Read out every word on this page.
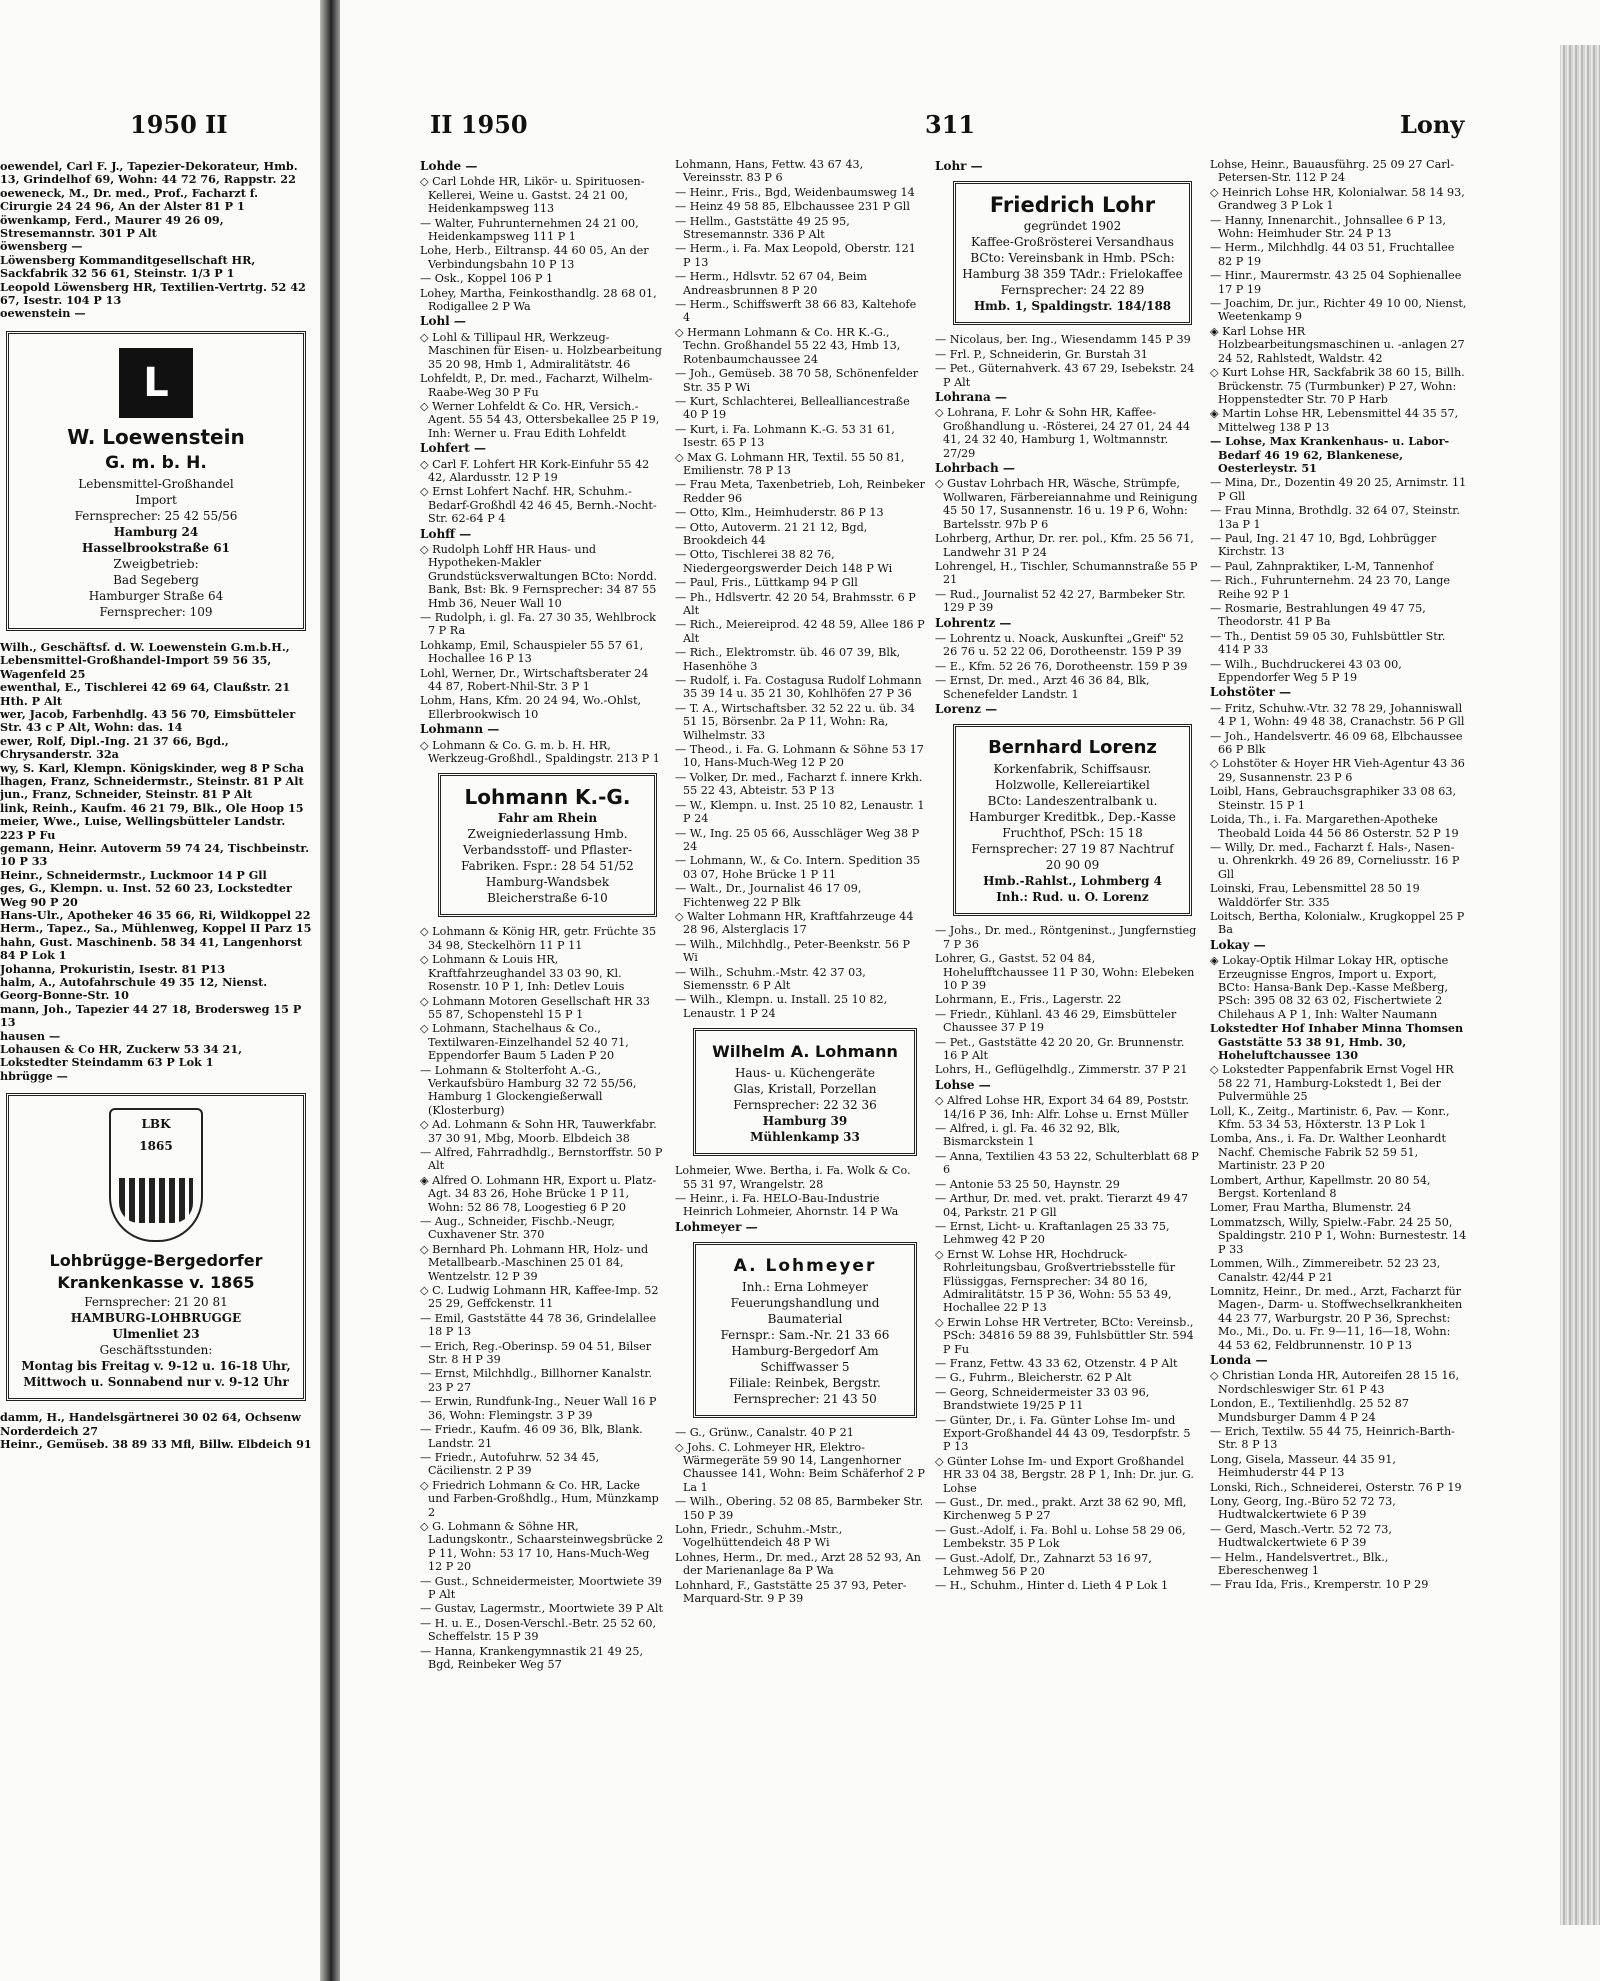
1950 II
oewendel, Carl F. J., Tapezier-Dekorateur, Hmb. 13, Grindelhof 69, Wohn: 44 72 76, Rappstr. 22
oeweneck, M., Dr. med., Prof., Facharzt f. Cirurgie 24 24 96, An der Alster 81 P 1
öwenkamp, Ferd., Maurer 49 26 09, Stresemannstr. 301 P Alt
öwensberg —
Löwensberg Kommanditgesellschaft HR, Sackfabrik 32 56 61, Steinstr. 1/3 P 1
Leopold Löwensberg HR, Textilien-Vertrtg. 52 42 67, Isestr. 104 P 13
oewenstein —
L
W. Loewenstein
G. m. b. H.
Lebensmittel-Großhandel
Import
Fernsprecher: 25 42 55/56
Hamburg 24
Hasselbrookstraße 61
Zweigbetrieb:
Bad Segeberg
Hamburger Straße 64
Fernsprecher: 109
Wilh., Geschäftsf. d. W. Loewenstein G.m.b.H., Lebensmittel-Großhandel-Import 59 56 35, Wagenfeld 25
ewenthal, E., Tischlerei 42 69 64, Claußstr. 21 Hth. P Alt
wer, Jacob, Farbenhdlg. 43 56 70, Eimsbütteler Str. 43 c P Alt, Wohn: das. 14
ewer, Rolf, Dipl.-Ing. 21 37 66, Bgd., Chrysanderstr. 32a
wy, S. Karl, Klempn. Königskinder, weg 8 P Scha
lhagen, Franz, Schneidermstr., Steinstr. 81 P Alt
jun., Franz, Schneider, Steinstr. 81 P Alt
link, Reinh., Kaufm. 46 21 79, Blk., Ole Hoop 15
meier, Wwe., Luise, Wellingsbütteler Landstr. 223 P Fu
gemann, Heinr. Autoverm 59 74 24, Tischbeinstr. 10 P 33
Heinr., Schneidermstr., Luckmoor 14 P Gll
ges, G., Klempn. u. Inst. 52 60 23, Lockstedter Weg 90 P 20
Hans-Ulr., Apotheker 46 35 66, Ri, Wildkoppel 22
Herm., Tapez., Sa., Mühlenweg, Koppel II Parz 15
hahn, Gust. Maschinenb. 58 34 41, Langenhorst 84 P Lok 1
Johanna, Prokuristin, Isestr. 81 P13
halm, A., Autofahrschule 49 35 12, Nienst. Georg-Bonne-Str. 10
mann, Joh., Tapezier 44 27 18, Brodersweg 15 P 13
hausen —
Lohausen & Co HR, Zuckerw 53 34 21, Lokstedter Steindamm 63 P Lok 1
hbrügge —
LBK
1865
Lohbrügge-Bergedorfer
Krankenkasse v. 1865
Fernsprecher: 21 20 81
HAMBURG-LOHBRUGGE
Ulmenliet 23
Geschäftsstunden:
Montag bis Freitag v. 9-12 u. 16-18 Uhr, Mittwoch u. Sonnabend nur v. 9-12 Uhr
damm, H., Handelsgärtnerei 30 02 64, Ochsenw Norderdeich 27
Heinr., Gemüseb. 38 89 33 Mfl, Billw. Elbdeich 91
II 1950	311	Lony
Lohde —
◇ Carl Lohde HR, Likör- u. Spirituosen-Kellerei, Weine u. Gastst. 24 21 00, Heidenkampsweg 113
— Walter, Fuhrunternehmen 24 21 00, Heidenkampsweg 111 P 1
Lohe, Herb., Eiltransp. 44 60 05, An der Verbindungsbahn 10 P 13
— Osk., Koppel 106 P 1
Lohey, Martha, Feinkosthandlg. 28 68 01, Rodigallee 2 P Wa
Lohl —
◇ Lohl & Tillipaul HR, Werkzeug-Maschinen für Eisen- u. Holzbearbeitung 35 20 98, Hmb 1, Admiralitätstr. 46
Lohfeldt, P., Dr. med., Facharzt, Wilhelm-Raabe-Weg 30 P Fu
◇ Werner Lohfeldt & Co. HR, Versich.-Agent. 55 54 43, Ottersbekallee 25 P 19, Inh: Werner u. Frau Edith Lohfeldt
Lohfert —
◇ Carl F. Lohfert HR Kork-Einfuhr 55 42 42, Alardusstr. 12 P 19
◇ Ernst Lohfert Nachf. HR, Schuhm.-Bedarf-Großhdl 42 46 45, Bernh.-Nocht-Str. 62-64 P 4
Lohff —
◇ Rudolph Lohff HR Haus- und Hypotheken-Makler Grundstücksverwaltungen BCto: Nordd. Bank, Bst: Bk. 9 Fernsprecher: 34 87 55 Hmb 36, Neuer Wall 10
— Rudolph, i. gl. Fa. 27 30 35, Wehlbrock 7 P Ra
Lohkamp, Emil, Schauspieler 55 57 61, Hochallee 16 P 13
Lohl, Werner, Dr., Wirtschaftsberater 24 44 87, Robert-Nhil-Str. 3 P 1
Lohm, Hans, Kfm. 20 24 94, Wo.-Ohlst, Ellerbrookwisch 10
Lohmann —
◇ Lohmann & Co. G. m. b. H. HR, Werkzeug-Großhdl., Spaldingstr. 213 P 1
Lohmann K.-G.
Fahr am Rhein
Zweigniederlassung Hmb.
Verbandsstoff- und Pflaster-Fabriken. Fspr.: 28 54 51/52
Hamburg-Wandsbek
Bleicherstraße 6-10
◇ Lohmann & König HR, getr. Früchte 35 34 98, Steckelhörn 11 P 11
◇ Lohmann & Louis HR, Kraftfahrzeughandel 33 03 90, Kl. Rosenstr. 10 P 1, Inh: Detlev Louis
◇ Lohmann Motoren Gesellschaft HR 33 55 87, Schopenstehl 15 P 1
◇ Lohmann, Stachelhaus & Co., Textilwaren-Einzelhandel 52 40 71, Eppendorfer Baum 5 Laden P 20
— Lohmann & Stolterfoht A.-G., Verkaufsbüro Hamburg 32 72 55/56, Hamburg 1 Glockengießerwall (Klosterburg)
◇ Ad. Lohmann & Sohn HR, Tauwerkfabr. 37 30 91, Mbg, Moorb. Elbdeich 38
— Alfred, Fahrradhdlg., Bernstorffstr. 50 P Alt
◈ Alfred O. Lohmann HR, Export u. Platz-Agt. 34 83 26, Hohe Brücke 1 P 11, Wohn: 52 86 78, Loogestieg 6 P 20
— Aug., Schneider, Fischb.-Neugr, Cuxhavener Str. 370
◇ Bernhard Ph. Lohmann HR, Holz- und Metallbearb.-Maschinen 25 01 84, Wentzelstr. 12 P 39
◇ C. Ludwig Lohmann HR, Kaffee-Imp. 52 25 29, Geffckenstr. 11
— Emil, Gaststätte 44 78 36, Grindelallee 18 P 13
— Erich, Reg.-Oberinsp. 59 04 51, Bilser Str. 8 H P 39
— Ernst, Milchhdlg., Billhorner Kanalstr. 23 P 27
— Erwin, Rundfunk-Ing., Neuer Wall 16 P 36, Wohn: Flemingstr. 3 P 39
— Friedr., Kaufm. 46 09 36, Blk, Blank. Landstr. 21
— Friedr., Autofuhrw. 52 34 45, Cäcilienstr. 2 P 39
◇ Friedrich Lohmann & Co. HR, Lacke und Farben-Großhdlg., Hum, Münzkamp 2
◇ G. Lohmann & Söhne HR, Ladungskontr., Schaarsteinwegsbrücke 2 P 11, Wohn: 53 17 10, Hans-Much-Weg 12 P 20
— Gust., Schneidermeister, Moortwiete 39 P Alt
— Gustav, Lagermstr., Moortwiete 39 P Alt
— H. u. E., Dosen-Verschl.-Betr. 25 52 60, Scheffelstr. 15 P 39
— Hanna, Krankengymnastik 21 49 25, Bgd, Reinbeker Weg 57
Lohmann, Hans, Fettw. 43 67 43, Vereinsstr. 83 P 6
— Heinr., Fris., Bgd, Weidenbaumsweg 14
— Heinz 49 58 85, Elbchaussee 231 P Gll
— Hellm., Gaststätte 49 25 95, Stresemannstr. 336 P Alt
— Herm., i. Fa. Max Leopold, Oberstr. 121 P 13
— Herm., Hdlsvtr. 52 67 04, Beim Andreasbrunnen 8 P 20
— Herm., Schiffswerft 38 66 83, Kaltehofe 4
◇ Hermann Lohmann & Co. HR K.-G., Techn. Großhandel 55 22 43, Hmb 13, Rotenbaumchaussee 24
— Joh., Gemüseb. 38 70 58, Schönenfelder Str. 35 P Wi
— Kurt, Schlachterei, Bellealliancestraße 40 P 19
— Kurt, i. Fa. Lohmann K.-G. 53 31 61, Isestr. 65 P 13
◇ Max G. Lohmann HR, Textil. 55 50 81, Emilienstr. 78 P 13
— Frau Meta, Taxenbetrieb, Loh, Reinbeker Redder 96
— Otto, Klm., Heimhuderstr. 86 P 13
— Otto, Autoverm. 21 21 12, Bgd, Brookdeich 44
— Otto, Tischlerei 38 82 76, Niedergeorgswerder Deich 148 P Wi
— Paul, Fris., Lüttkamp 94 P Gll
— Ph., Hdlsvertr. 42 20 54, Brahmsstr. 6 P Alt
— Rich., Meiereiprod. 42 48 59, Allee 186 P Alt
— Rich., Elektromstr. üb. 46 07 39, Blk, Hasenhöhe 3
— Rudolf, i. Fa. Costagusa Rudolf Lohmann 35 39 14 u. 35 21 30, Kohlhöfen 27 P 36
— T. A., Wirtschaftsber. 32 52 22 u. üb. 34 51 15, Börsenbr. 2a P 11, Wohn: Ra, Wilhelmstr. 33
— Theod., i. Fa. G. Lohmann & Söhne 53 17 10, Hans-Much-Weg 12 P 20
— Volker, Dr. med., Facharzt f. innere Krkh. 55 22 43, Abteistr. 53 P 13
— W., Klempn. u. Inst. 25 10 82, Lenaustr. 1 P 24
— W., Ing. 25 05 66, Ausschläger Weg 38 P 24
— Lohmann, W., & Co. Intern. Spedition 35 03 07, Hohe Brücke 1 P 11
— Walt., Dr., Journalist 46 17 09, Fichtenweg 22 P Blk
◇ Walter Lohmann HR, Kraftfahrzeuge 44 28 96, Alsterglacis 17
— Wilh., Milchhdlg., Peter-Beenkstr. 56 P Wi
— Wilh., Schuhm.-Mstr. 42 37 03, Siemensstr. 6 P Alt
— Wilh., Klempn. u. Install. 25 10 82, Lenaustr. 1 P 24
Wilhelm A. Lohmann
Haus- u. Küchengeräte
Glas, Kristall, Porzellan
Fernsprecher: 22 32 36
Hamburg 39
Mühlenkamp 33
Lohmeier, Wwe. Bertha, i. Fa. Wolk & Co. 55 31 97, Wrangelstr. 28
— Heinr., i. Fa. HELO-Bau-Industrie Heinrich Lohmeier, Ahornstr. 14 P Wa
Lohmeyer —
A. Lohmeyer
Inh.: Erna Lohmeyer
Feuerungshandlung und Baumaterial
Fernspr.: Sam.-Nr. 21 33 66
Hamburg-Bergedorf Am Schiffwasser 5
Filiale: Reinbek, Bergstr. Fernsprecher: 21 43 50
— G., Grünw., Canalstr. 40 P 21
◇ Johs. C. Lohmeyer HR, Elektro-Wärmegeräte 59 90 14, Langenhorner Chaussee 141, Wohn: Beim Schäferhof 2 P La 1
— Wilh., Obering. 52 08 85, Barmbeker Str. 150 P 39
Lohn, Friedr., Schuhm.-Mstr., Vogelhüttendeich 48 P Wi
Lohnes, Herm., Dr. med., Arzt 28 52 93, An der Marienanlage 8a P Wa
Lohnhard, F., Gaststätte 25 37 93, Peter-Marquard-Str. 9 P 39
Lohr —
Friedrich Lohr
gegründet 1902
Kaffee-Großrösterei Versandhaus
BCto: Vereinsbank in Hmb. PSch: Hamburg 38 359 TAdr.: Frielokaffee
Fernsprecher: 24 22 89
Hmb. 1, Spaldingstr. 184/188
— Nicolaus, ber. Ing., Wiesendamm 145 P 39
— Frl. P., Schneiderin, Gr. Burstah 31
— Pet., Güternahverk. 43 67 29, Isebekstr. 24 P Alt
Lohrana —
◇ Lohrana, F. Lohr & Sohn HR, Kaffee-Großhandlung u. -Rösterei, 24 27 01, 24 44 41, 24 32 40, Hamburg 1, Woltmannstr. 27/29
Lohrbach —
◇ Gustav Lohrbach HR, Wäsche, Strümpfe, Wollwaren, Färbereiannahme und Reinigung 45 50 17, Susannenstr. 16 u. 19 P 6, Wohn: Bartelsstr. 97b P 6
Lohrberg, Arthur, Dr. rer. pol., Kfm. 25 56 71, Landwehr 31 P 24
Lohrengel, H., Tischler, Schumannstraße 55 P 21
— Rud., Journalist 52 42 27, Barmbeker Str. 129 P 39
Lohrentz —
— Lohrentz u. Noack, Auskunftei „Greif" 52 26 76 u. 52 22 06, Dorotheenstr. 159 P 39
— E., Kfm. 52 26 76, Dorotheenstr. 159 P 39
— Ernst, Dr. med., Arzt 46 36 84, Blk, Schenefelder Landstr. 1
Lorenz —
Bernhard Lorenz
Korkenfabrik, Schiffsausr. Holzwolle, Kellereiartikel
BCto: Landeszentralbank u. Hamburger Kreditbk., Dep.-Kasse Fruchthof, PSch: 15 18
Fernsprecher: 27 19 87 Nachtruf 20 90 09
Hmb.-Rahlst., Lohmberg 4
Inh.: Rud. u. O. Lorenz
— Johs., Dr. med., Röntgeninst., Jungfernstieg 7 P 36
Lohrer, G., Gastst. 52 04 84, Hohelufftchaussee 11 P 30, Wohn: Elebeken 10 P 39
Lohrmann, E., Fris., Lagerstr. 22
— Friedr., Kühlanl. 43 46 29, Eimsbütteler Chaussee 37 P 19
— Pet., Gaststätte 42 20 20, Gr. Brunnenstr. 16 P Alt
Lohrs, H., Geflügelhdlg., Zimmerstr. 37 P 21
Lohse —
◇ Alfred Lohse HR, Export 34 64 89, Poststr. 14/16 P 36, Inh: Alfr. Lohse u. Ernst Müller
— Alfred, i. gl. Fa. 46 32 92, Blk, Bismarckstein 1
— Anna, Textilien 43 53 22, Schulterblatt 68 P 6
— Antonie 53 25 50, Haynstr. 29
— Arthur, Dr. med. vet. prakt. Tierarzt 49 47 04, Parkstr. 21 P Gll
— Ernst, Licht- u. Kraftanlagen 25 33 75, Lehmweg 42 P 20
◇ Ernst W. Lohse HR, Hochdruck-Rohrleitungsbau, Großvertriebsstelle für Flüssiggas, Fernsprecher: 34 80 16, Admiralitätstr. 15 P 36, Wohn: 55 53 49, Hochallee 22 P 13
◇ Erwin Lohse HR Vertreter, BCto: Vereinsb., PSch: 34816 59 88 39, Fuhlsbüttler Str. 594 P Fu
— Franz, Fettw. 43 33 62, Otzenstr. 4 P Alt
— G., Fuhrm., Bleicherstr. 62 P Alt
— Georg, Schneidermeister 33 03 96, Brandstwiete 19/25 P 11
— Günter, Dr., i. Fa. Günter Lohse Im- und Export-Großhandel 44 43 09, Tesdorpfstr. 5 P 13
◇ Günter Lohse Im- und Export Großhandel HR 33 04 38, Bergstr. 28 P 1, Inh: Dr. jur. G. Lohse
— Gust., Dr. med., prakt. Arzt 38 62 90, Mfl, Kirchenweg 5 P 27
— Gust.-Adolf, i. Fa. Bohl u. Lohse 58 29 06, Lembekstr. 35 P Lok
— Gust.-Adolf, Dr., Zahnarzt 53 16 97, Lehmweg 56 P 20
— H., Schuhm., Hinter d. Lieth 4 P Lok 1
Lohse, Heinr., Bauausführg. 25 09 27 Carl-Petersen-Str. 112 P 24
◇ Heinrich Lohse HR, Kolonialwar. 58 14 93, Grandweg 3 P Lok 1
— Hanny, Innenarchit., Johnsallee 6 P 13, Wohn: Heimhuder Str. 24 P 13
— Herm., Milchhdlg. 44 03 51, Fruchtallee 82 P 19
— Hinr., Maurermstr. 43 25 04 Sophienallee 17 P 19
— Joachim, Dr. jur., Richter 49 10 00, Nienst, Weetenkamp 9
◈ Karl Lohse HR Holzbearbeitungsmaschinen u. -anlagen 27 24 52, Rahlstedt, Waldstr. 42
◇ Kurt Lohse HR, Sackfabrik 38 60 15, Billh. Brückenstr. 75 (Turmbunker) P 27, Wohn: Hoppenstedter Str. 70 P Harb
◈ Martin Lohse HR, Lebensmittel 44 35 57, Mittelweg 138 P 13
— Lohse, Max Krankenhaus- u. Labor-Bedarf 46 19 62, Blankenese, Oesterleystr. 51
— Mina, Dr., Dozentin 49 20 25, Arnimstr. 11 P Gll
— Frau Minna, Brothdlg. 32 64 07, Steinstr. 13a P 1
— Paul, Ing. 21 47 10, Bgd, Lohbrügger Kirchstr. 13
— Paul, Zahnpraktiker, L-M, Tannenhof
— Rich., Fuhrunternehm. 24 23 70, Lange Reihe 92 P 1
— Rosmarie, Bestrahlungen 49 47 75, Theodorstr. 41 P Ba
— Th., Dentist 59 05 30, Fuhlsbüttler Str. 414 P 33
— Wilh., Buchdruckerei 43 03 00, Eppendorfer Weg 5 P 19
Lohstöter —
— Fritz, Schuhw.-Vtr. 32 78 29, Johanniswall 4 P 1, Wohn: 49 48 38, Cranachstr. 56 P Gll
— Joh., Handelsvertr. 46 09 68, Elbchaussee 66 P Blk
◇ Lohstöter & Hoyer HR Vieh-Agentur 43 36 29, Susannenstr. 23 P 6
Loibl, Hans, Gebrauchsgraphiker 33 08 63, Steinstr. 15 P 1
Loida, Th., i. Fa. Margarethen-Apotheke Theobald Loida 44 56 86 Osterstr. 52 P 19
— Willy, Dr. med., Facharzt f. Hals-, Nasen- u. Ohrenkrkh. 49 26 89, Corneliusstr. 16 P Gll
Loinski, Frau, Lebensmittel 28 50 19 Walddörfer Str. 335
Loitsch, Bertha, Kolonialw., Krugkoppel 25 P Ba
Lokay —
◈ Lokay-Optik Hilmar Lokay HR, optische Erzeugnisse Engros, Import u. Export, BCto: Hansa-Bank Dep.-Kasse Meßberg, PSch: 395 08 32 63 02, Fischertwiete 2 Chilehaus A P 1, Inh: Walter Naumann
Lokstedter Hof Inhaber Minna Thomsen Gaststätte 53 38 91, Hmb. 30, Hoheluftchaussee 130
◇ Lokstedter Pappenfabrik Ernst Vogel HR 58 22 71, Hamburg-Lokstedt 1, Bei der Pulvermühle 25
Loll, K., Zeitg., Martinistr. 6, Pav. — Konr., Kfm. 53 34 53, Höxterstr. 13 P Lok 1
Lomba, Ans., i. Fa. Dr. Walther Leonhardt Nachf. Chemische Fabrik 52 59 51, Martinistr. 23 P 20
Lombert, Arthur, Kapellmstr. 20 80 54, Bergst. Kortenland 8
Lomer, Frau Martha, Blumenstr. 24
Lommatzsch, Willy, Spielw.-Fabr. 24 25 50, Spaldingstr. 210 P 1, Wohn: Burnestestr. 14 P 33
Lommen, Wilh., Zimmereibetr. 52 23 23, Canalstr. 42/44 P 21
Lomnitz, Heinr., Dr. med., Arzt, Facharzt für Magen-, Darm- u. Stoffwechselkrankheiten 44 23 77, Warburgstr. 20 P 36, Sprechst: Mo., Mi., Do. u. Fr. 9—11, 16—18, Wohn: 44 53 62, Feldbrunnenstr. 10 P 13
Londa —
◇ Christian Londa HR, Autoreifen 28 15 16, Nordschleswiger Str. 61 P 43
London, E., Textilienhdlg. 25 52 87 Mundsburger Damm 4 P 24
— Erich, Textilw. 55 44 75, Heinrich-Barth-Str. 8 P 13
Long, Gisela, Masseur. 44 35 91, Heimhuderstr 44 P 13
Lonski, Rich., Schneiderei, Osterstr. 76 P 19
Lony, Georg, Ing.-Büro 52 72 73, Hudtwalckertwiete 6 P 39
— Gerd, Masch.-Vertr. 52 72 73, Hudtwalckertwiete 6 P 39
— Helm., Handelsvertret., Blk., Ebereschenweg 1
— Frau Ida, Fris., Kremperstr. 10 P 29
